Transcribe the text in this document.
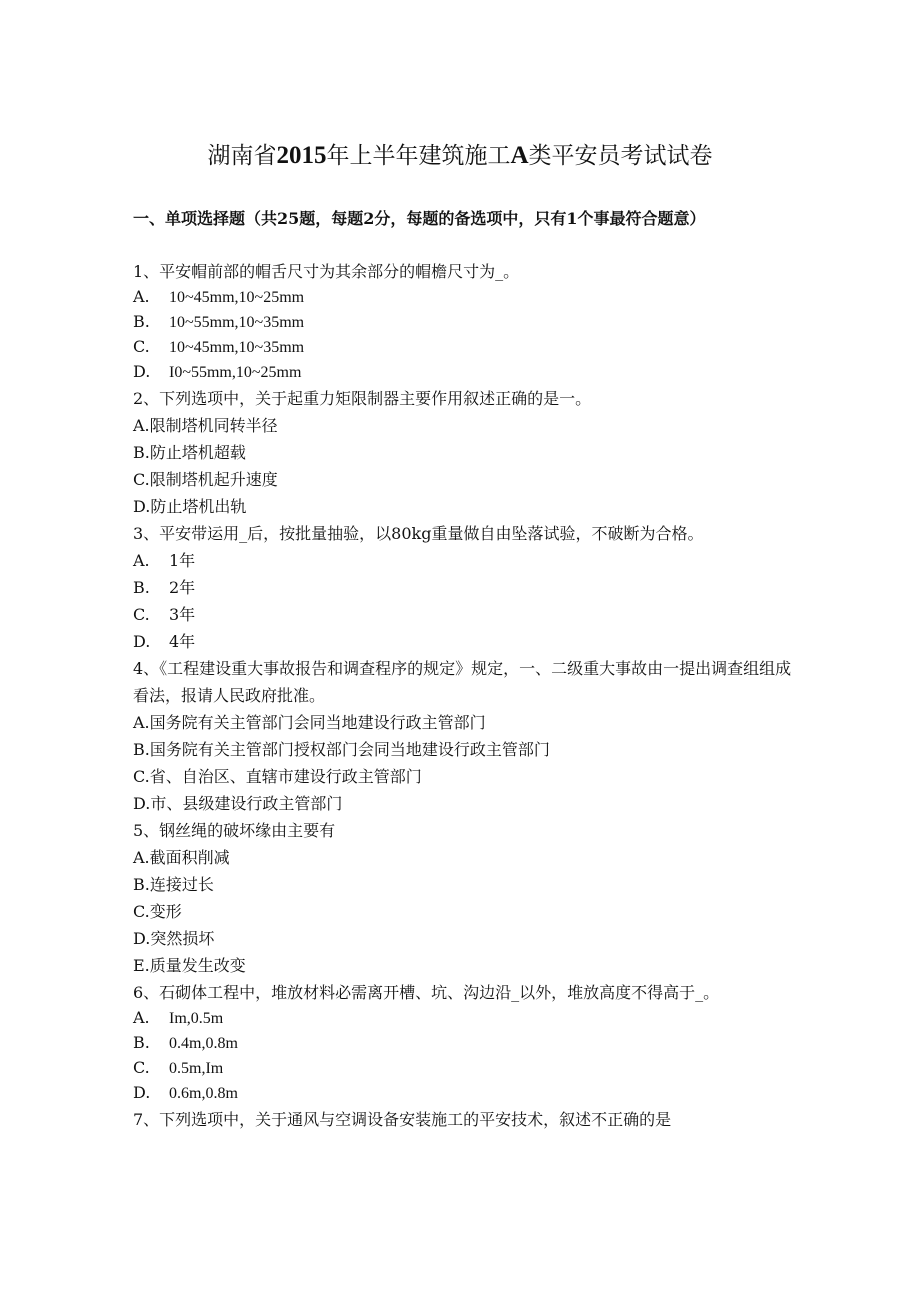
湖南省2015年上半年建筑施工A类平安员考试试卷
一、单项选择题（共25题，每题2分，每题的备选项中，只有1个事最符合题意）

1、平安帽前部的帽舌尺寸为其余部分的帽檐尺寸为_。

A. 10~45mm,10~25mm

B. 10~55mm,10~35mm

C. 10~45mm,10~35mm

D. I0~55mm,10~25mm

2、下列选项中，关于起重力矩限制器主要作用叙述正确的是一。

A.限制塔机同转半径

B.防止塔机超载

C.限制塔机起升速度

D.防止塔机出轨

3、平安带运用_后，按批量抽验，以80kg重量做自由坠落试验，不破断为合格。

A. 1年

B. 2年

C. 3年

D. 4年

4、《工程建设重大事故报告和调查程序的规定》规定，一、二级重大事故由一提出调查组组成看法，报请人民政府批准。

A.国务院有关主管部门会同当地建设行政主管部门

B.国务院有关主管部门授权部门会同当地建设行政主管部门

C.省、自治区、直辖市建设行政主管部门

D.市、县级建设行政主管部门

5、钢丝绳的破坏缘由主要有

A.截面积削减

B.连接过长

C.变形

D.突然损坏

E.质量发生改变

6、石砌体工程中，堆放材料必需离开槽、坑、沟边沿_以外，堆放高度不得高于_。

A. Im,0.5m

B. 0.4m,0.8m

C. 0.5m,Im

D. 0.6m,0.8m

7、下列选项中，关于通风与空调设备安装施工的平安技术，叙述不正确的是
